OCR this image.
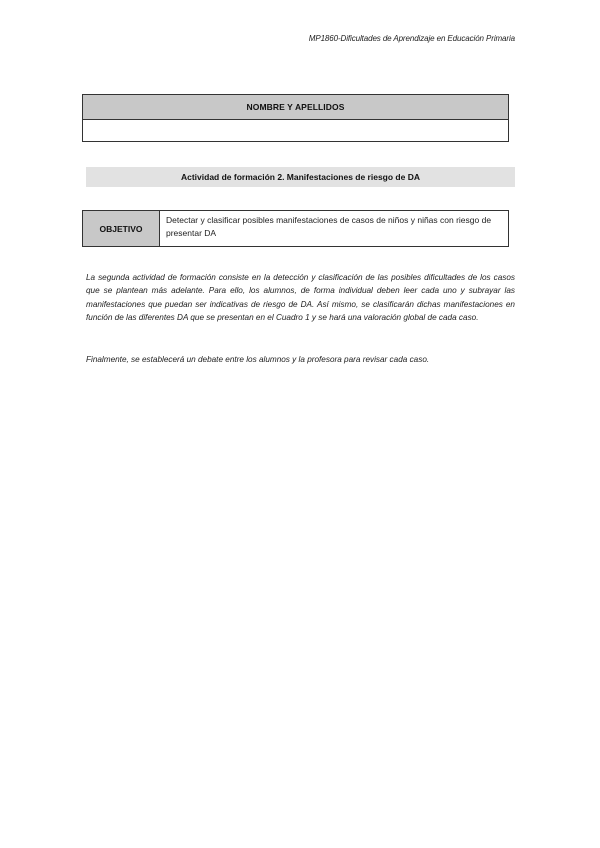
MP1860-Dificultades de Aprendizaje en Educación Primaria
NOMBRE Y APELLIDOS
Actividad de formación 2. Manifestaciones de riesgo de DA
OBJETIVO
Detectar y clasificar posibles manifestaciones de casos de niños y niñas con riesgo de presentar DA

La segunda actividad de formación consiste en la detección y clasificación de las posibles dificultades de los casos que se plantean más adelante. Para ello, los alumnos, de forma individual deben leer cada uno y subrayar las manifestaciones que puedan ser indicativas de riesgo de DA. Así mismo, se clasificarán dichas manifestaciones en función de las diferentes DA que se presentan en el Cuadro 1 y se hará una valoración global de cada caso.

Finalmente, se establecerá un debate entre los alumnos y la profesora para revisar cada caso.
